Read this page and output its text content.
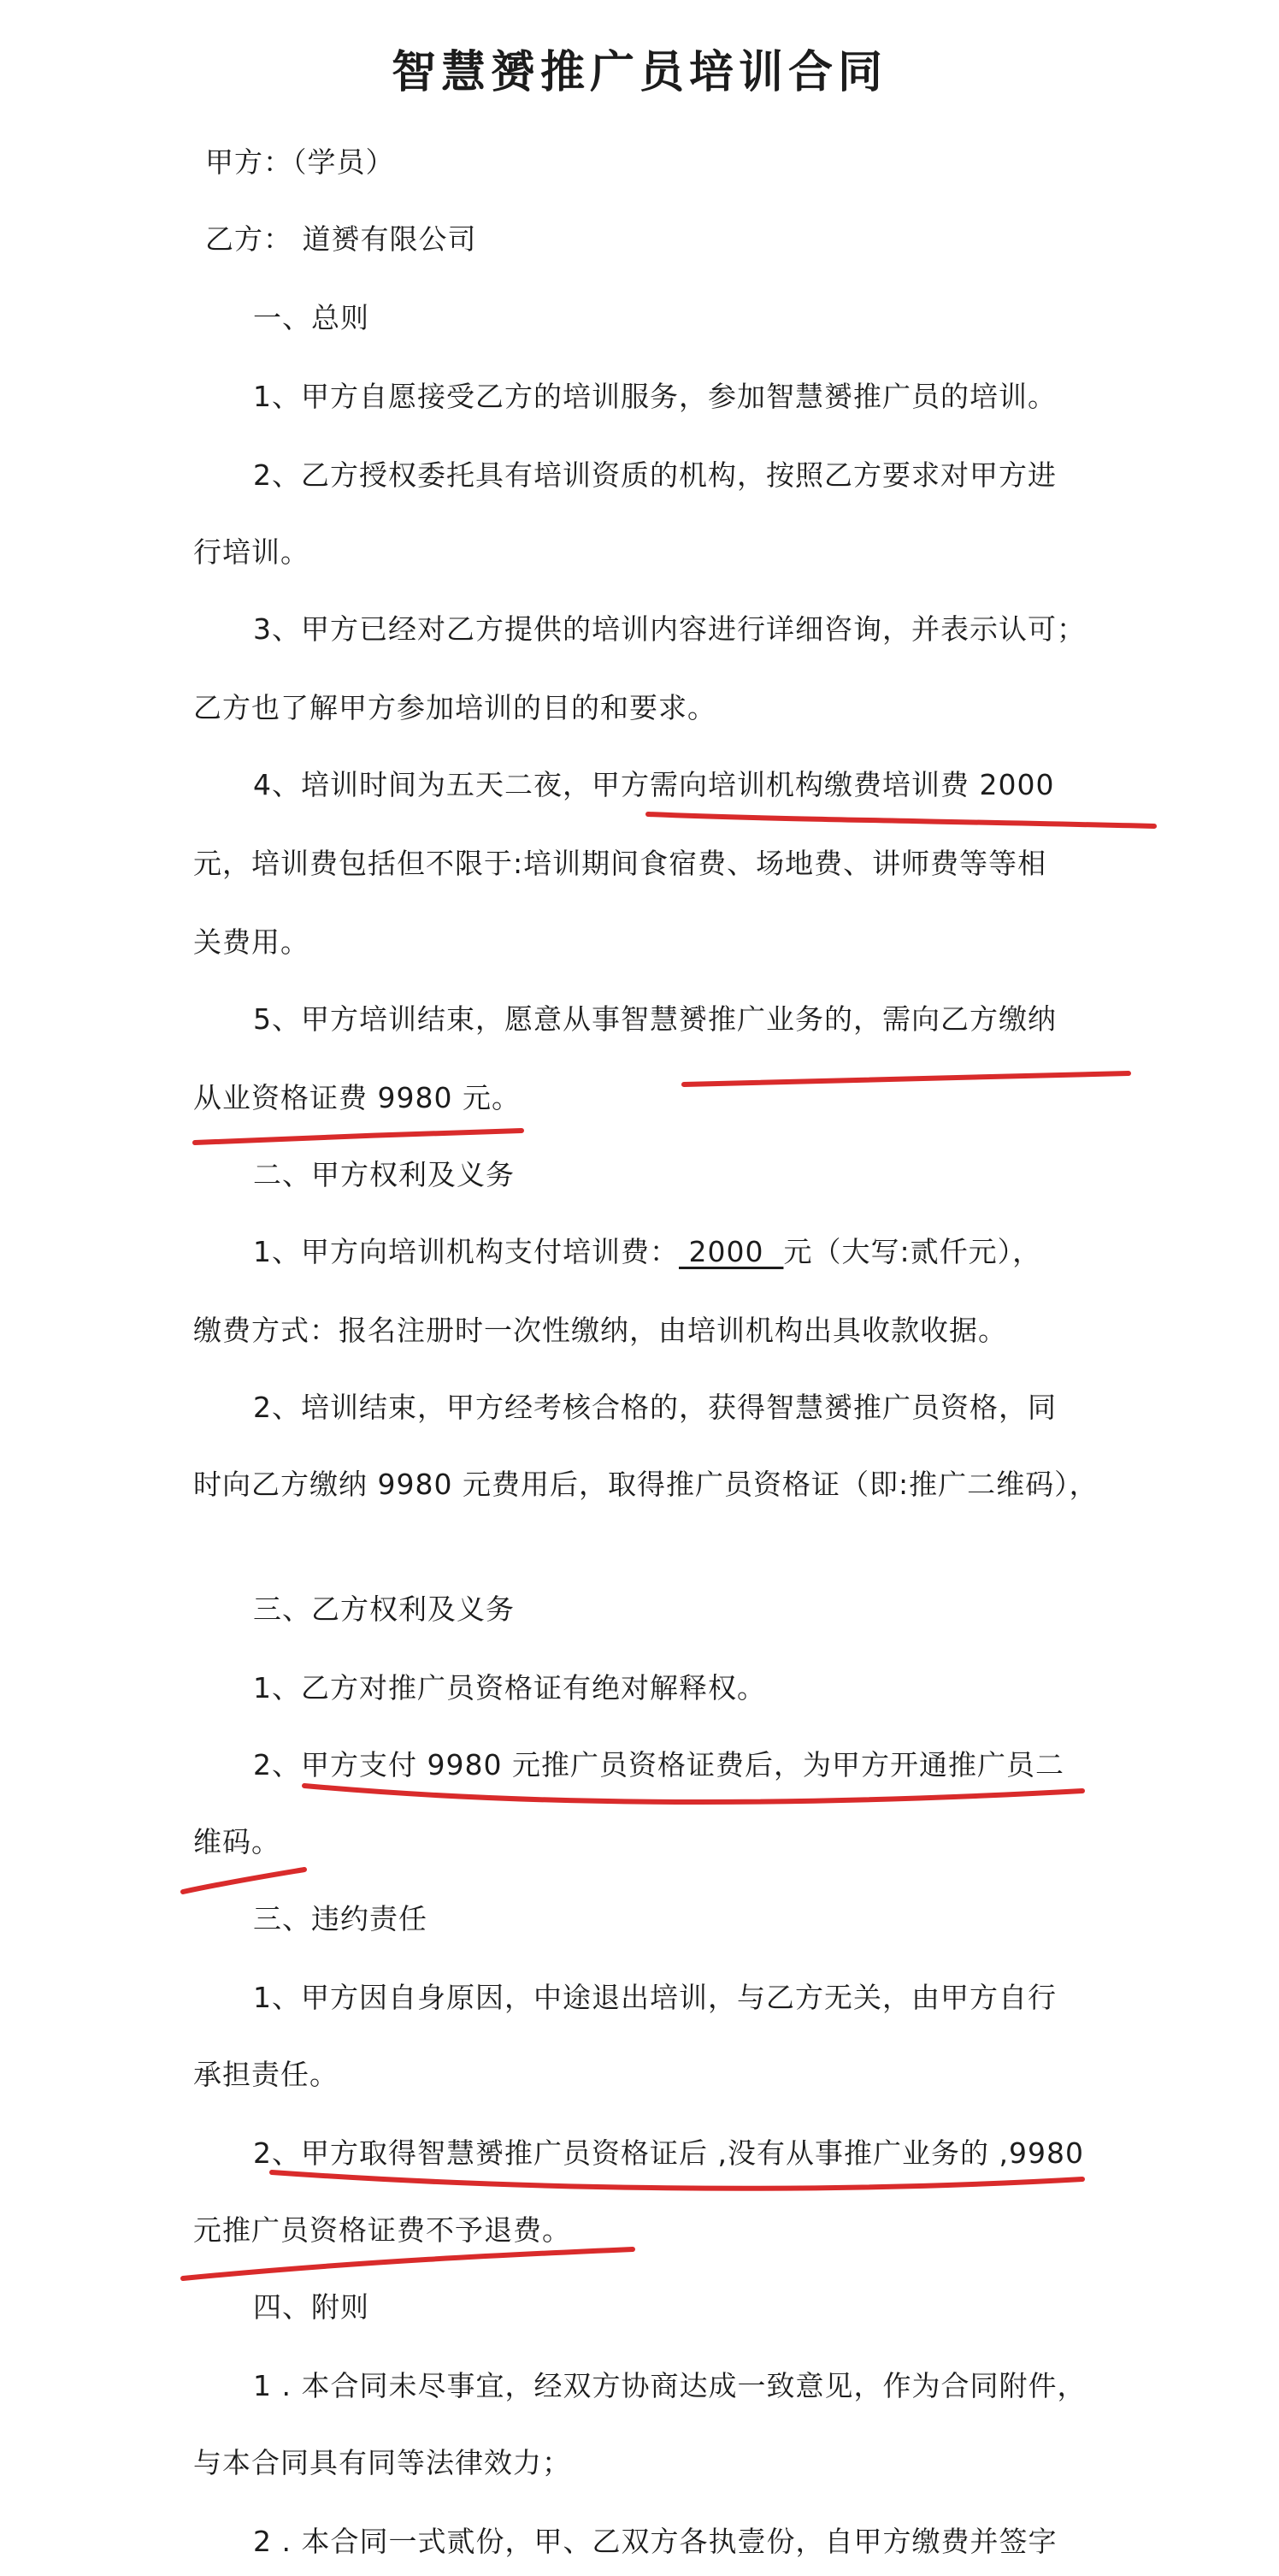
智慧赟推广员培训合同
甲方：（学员）
乙方： 道赟有限公司
一、总则
1、甲方自愿接受乙方的培训服务，参加智慧赟推广员的培训。
2、乙方授权委托具有培训资质的机构，按照乙方要求对甲方进
行培训。
3、甲方已经对乙方提供的培训内容进行详细咨询，并表示认可；
乙方也了解甲方参加培训的目的和要求。
4、培训时间为五天二夜，甲方需向培训机构缴费培训费 2000
元，培训费包括但不限于:培训期间食宿费、场地费、讲师费等等相
关费用。
5、甲方培训结束，愿意从事智慧赟推广业务的，需向乙方缴纳
从业资格证费 9980 元。
二、甲方权利及义务
1、甲方向培训机构支付培训费： 2000  元（大写:贰仟元），
缴费方式：报名注册时一次性缴纳，由培训机构出具收款收据。
2、培训结束，甲方经考核合格的，获得智慧赟推广员资格，同
时向乙方缴纳 9980 元费用后，取得推广员资格证（即:推广二维码），
三、乙方权利及义务
1、乙方对推广员资格证有绝对解释权。
2、甲方支付 9980 元推广员资格证费后，为甲方开通推广员二
维码。
三、违约责任
1、甲方因自身原因，中途退出培训，与乙方无关，由甲方自行
承担责任。
2、甲方取得智慧赟推广员资格证后 ,没有从事推广业务的 ,9980
元推广员资格证费不予退费。
四、附则
1 . 本合同未尽事宜，经双方协商达成一致意见，作为合同附件，
与本合同具有同等法律效力；
2 . 本合同一式贰份，甲、乙双方各执壹份，自甲方缴费并签字
